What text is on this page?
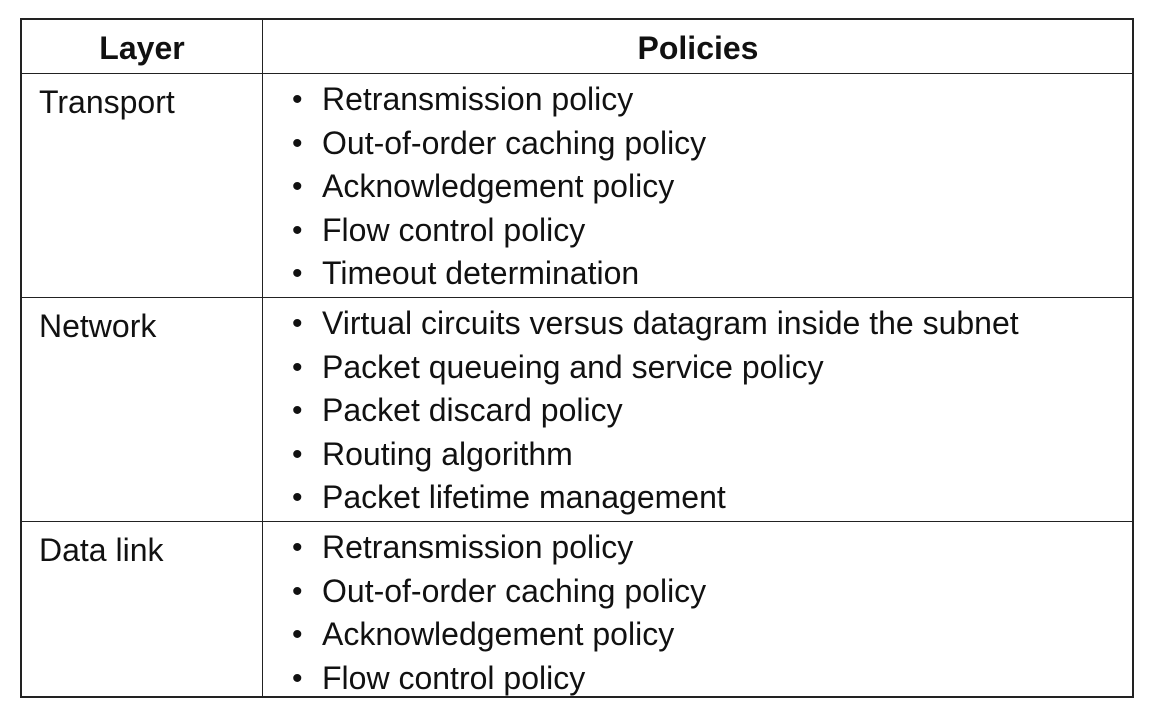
Layer	Policies
Transport	• Retransmission policy
• Out-of-order caching policy
• Acknowledgement policy
• Flow control policy
• Timeout determination
Network	• Virtual circuits versus datagram inside the subnet
• Packet queueing and service policy
• Packet discard policy
• Routing algorithm
• Packet lifetime management
Data link	• Retransmission policy
• Out-of-order caching policy
• Acknowledgement policy
• Flow control policy
